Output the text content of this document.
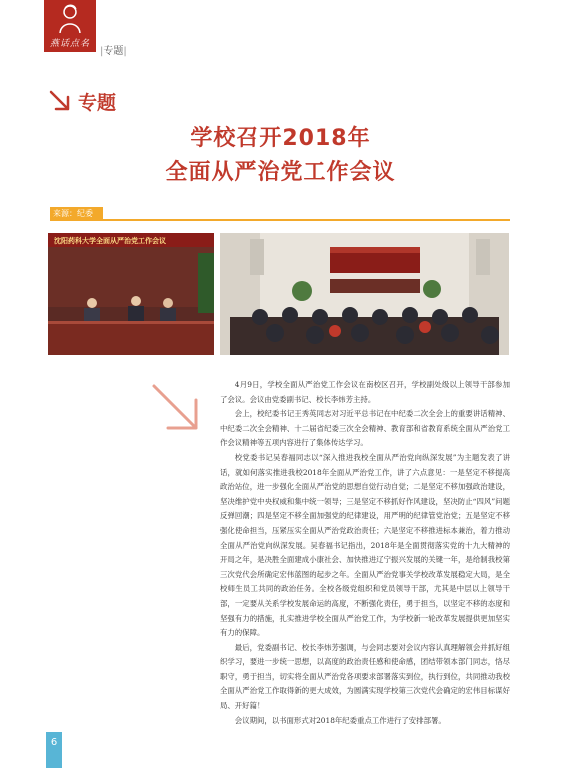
燕话点名
|专题|
专题
学校召开2018年
全面从严治党工作会议
来源：纪委
沈阳药科大学全面从严治党工作会议

4月9日，学校全面从严治党工作会议在南校区召开，学校副处级以上领导干部参加了会议。会议由党委副书记、校长李炜芳主持。

会上，校纪委书记王秀英同志对习近平总书记在中纪委二次全会上的重要讲话精神、中纪委二次全会精神、十二届省纪委三次全会精神、教育部和省教育系统全面从严治党工作会议精神等五项内容进行了集体传达学习。

校党委书记吴春福同志以“深入推进我校全面从严治党向纵深发展”为主题发表了讲话，就如何落实推进我校2018年全面从严治党工作，讲了六点意见：一是坚定不移提高政治站位，进一步强化全面从严治党的思想自觉行动自觉；二是坚定不移加强政治建设，坚决维护党中央权威和集中统一领导；三是坚定不移抓好作风建设，坚决防止“四风”问题反弹回潮；四是坚定不移全面加强党的纪律建设，用严明的纪律管党治党；五是坚定不移强化使命担当，压紧压实全面从严治党政治责任；六是坚定不移推进标本兼治，着力推动全面从严治党向纵深发展。吴春福书记指出，2018年是全面贯彻落实党的十九大精神的开局之年，是决胜全面建成小康社会、加快推进辽宁振兴发展的关键一年，是给制我校第三次党代会所确定宏伟蓝图的起步之年。全面从严治党事关学校改革发展稳定大局，是全校师生员工共同的政治任务。全校各级党组织和党员领导干部，尤其是中层以上领导干部，一定要从关系学校发展命运的高度，不断强化责任，勇于担当，以坚定不移的态度和坚强有力的措施，扎实推进学校全面从严治党工作，为学校新一轮改革发展提供更加坚实有力的保障。

最后，党委副书记、校长李炜芳强调，与会同志要对会议内容认真理解领会并抓好组织学习，要进一步统一思想，以高度的政治责任感和使命感，团结带领本部门同志，恪尽职守，勇于担当，切实将全面从严治党各项要求部署落实到位，执行到位，共同推动我校全面从严治党工作取得新的更大成效，为圆满实现学校第三次党代会确定的宏伟目标谋好局、开好篇！

会议期间，以书面形式对2018年纪委重点工作进行了安排部署。

6
